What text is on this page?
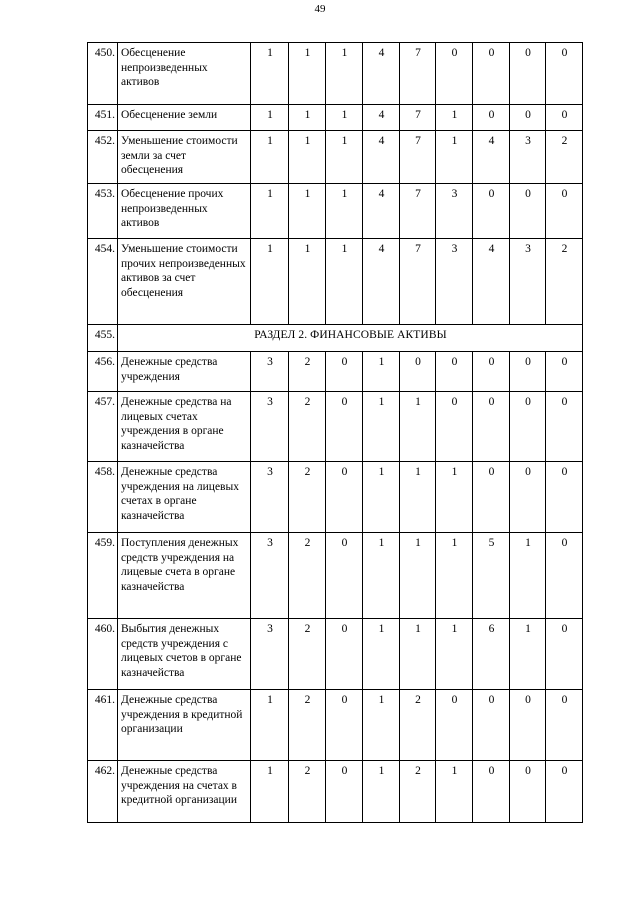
49
450.	Обесценение непроизведенных активов	1	1	1	4	7	0	0	0	0
451.	Обесценение земли	1	1	1	4	7	1	0	0	0
452.	Уменьшение стоимости земли за счет обесценения	1	1	1	4	7	1	4	3	2
453.	Обесценение прочих непроизведенных активов	1	1	1	4	7	3	0	0	0
454.	Уменьшение стоимости прочих непроизведенных активов за счет обесценения	1	1	1	4	7	3	4	3	2
455.	РАЗДЕЛ 2. ФИНАНСОВЫЕ АКТИВЫ									
456.	Денежные средства учреждения	3	2	0	1	0	0	0	0	0
457.	Денежные средства на лицевых счетах учреждения в органе казначейства	3	2	0	1	1	0	0	0	0
458.	Денежные средства учреждения на лицевых счетах в органе казначейства	3	2	0	1	1	1	0	0	0
459.	Поступления денежных средств учреждения на лицевые счета в органе казначейства	3	2	0	1	1	1	5	1	0
460.	Выбытия денежных средств учреждения с лицевых счетов в органе казначейства	3	2	0	1	1	1	6	1	0
461.	Денежные средства учреждения в кредитной организации	1	2	0	1	2	0	0	0	0
462.	Денежные средства учреждения на счетах в кредитной организации	1	2	0	1	2	1	0	0	0
